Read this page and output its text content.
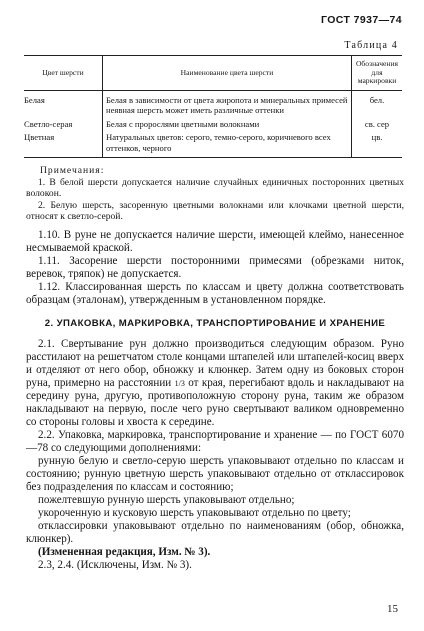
ГОСТ 7937—74
Таблица 4
Цвет шерсти	Наименование цвета шерсти	Обозначения для маркировки
Белая	Белая в зависимости от цвета жиропота и минеральных примесей неявная шерсть может иметь различные оттенки	бел.
Светло-серая	Белая с пророслями цветными волокнами	св. сер
Цветная	Натуральных цветов: серого, темно-серого, коричневого всех оттенков, черного	цв.

Примечания:

1. В белой шерсти допускается наличие случайных единичных посторонних цветных волокон.

2. Белую шерсть, засоренную цветными волокнами или клочками цветной шерсти, относят к светло-серой.

1.10. В руне не допускается наличие шерсти, имеющей клеймо, нанесенное несмываемой краской.

1.11. Засорение шерсти посторонними примесями (обрезками ниток, веревок, тряпок) не допускается.

1.12. Классированная шерсть по классам и цвету должна соответствовать образцам (эталонам), утвержденным в установленном порядке.

2. УПАКОВКА, МАРКИРОВКА, ТРАНСПОРТИРОВАНИЕ И ХРАНЕНИЕ

2.1. Свертывание рун должно производиться следующим образом. Руно расстилают на решетчатом столе концами штапелей или штапелей-косиц вверх и отделяют от него обор, обножку и клюнкер. Затем одну из боковых сторон руна, примерно на расстоянии 1/3 от края, перегибают вдоль и накладывают на середину руна, другую, противоположную сторону руна, таким же образом накладывают на первую, после чего руно свертывают валиком одновременно со стороны головы и хвоста к середине.

2.2. Упаковка, маркировка, транспортирование и хранение — по ГОСТ 6070—78 со следующими дополнениями:

рунную белую и светло-серую шерсть упаковывают отдельно по классам и состоянию; рунную цветную шерсть упаковывают отдельно от отклассировок без подразделения по классам и состоянию;

пожелтевшую рунную шерсть упаковывают отдельно;

укороченную и кусковую шерсть упаковывают отдельно по цвету;

отклассировки упаковывают отдельно по наименованиям (обор, обножка, клюнкер).

(Измененная редакция, Изм. № 3).

2.3, 2.4. (Исключены, Изм. № 3).

15
